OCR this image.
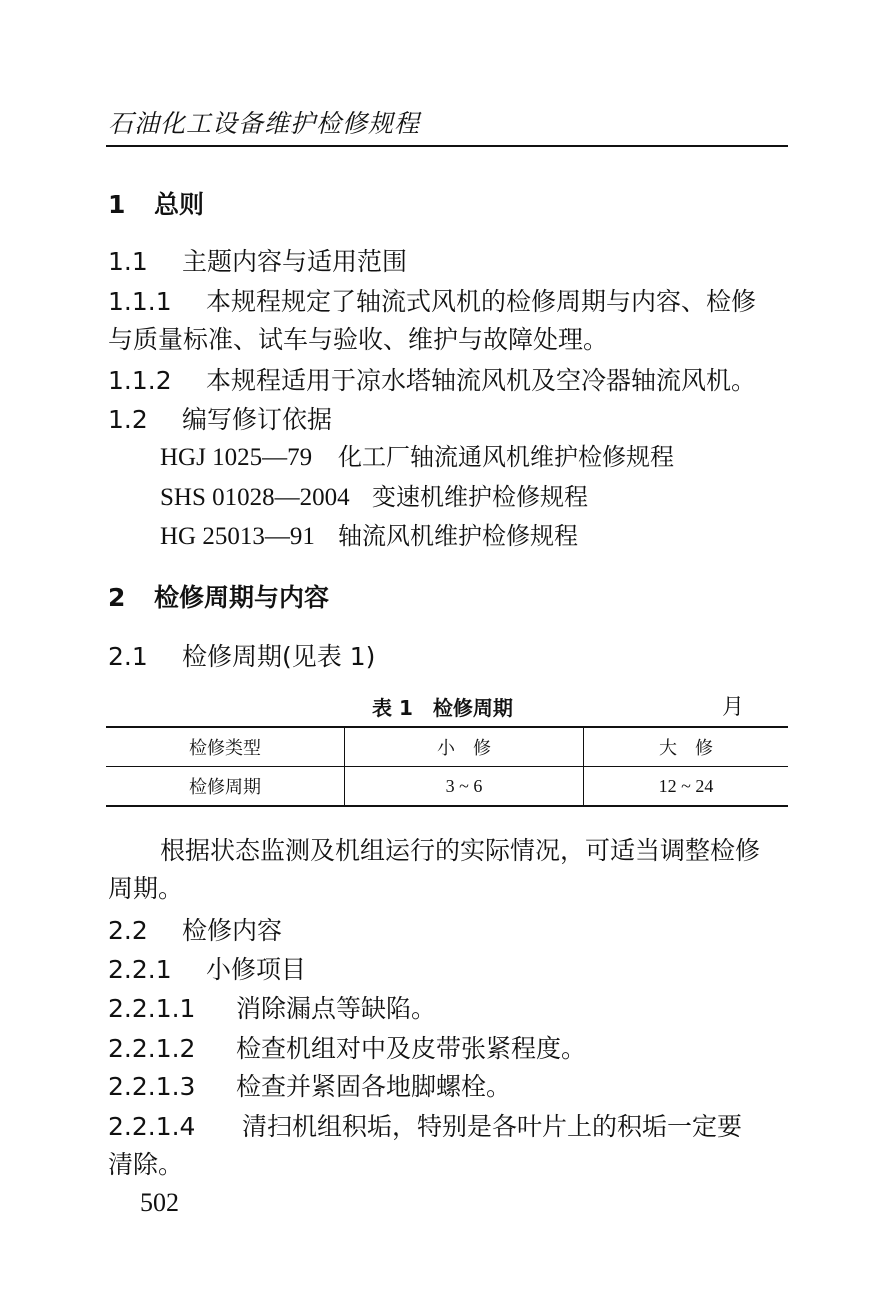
石油化工设备维护检修规程
1 总则
1.1 主题内容与适用范围
1.1.1 本规程规定了轴流式风机的检修周期与内容、检修
与质量标准、试车与验收、维护与故障处理。
1.1.2 本规程适用于凉水塔轴流风机及空冷器轴流风机。
1.2 编写修订依据
HGJ 1025—79 化工厂轴流通风机维护检修规程
SHS 01028—2004 变速机维护检修规程
HG 25013—91 轴流风机维护检修规程
2 检修周期与内容
2.1 检修周期(见表 1)
表 1　检修周期	月
检修类型	小　修	大　修
检修周期	3 ~ 6	12 ~ 24
根据状态监测及机组运行的实际情况，可适当调整检修
周期。
2.2 检修内容
2.2.1 小修项目
2.2.1.1 消除漏点等缺陷。
2.2.1.2 检查机组对中及皮带张紧程度。
2.2.1.3 检查并紧固各地脚螺栓。
2.2.1.4 清扫机组积垢，特别是各叶片上的积垢一定要
清除。
502
